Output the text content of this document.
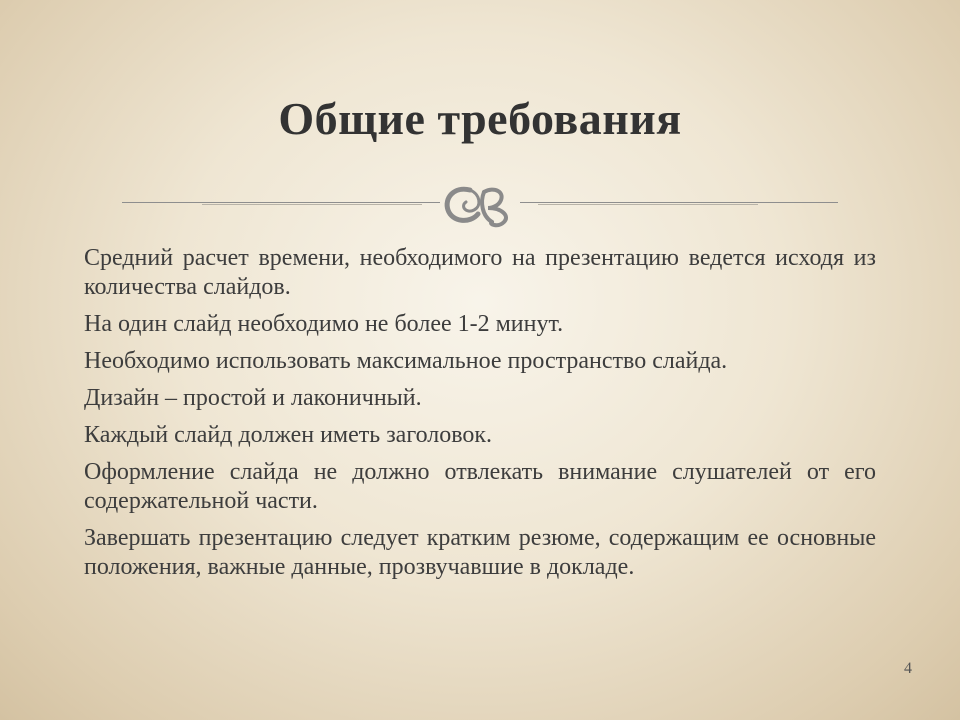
Общие требования

Средний расчет времени, необходимого на презентацию ведется исходя из количества слайдов.

На один слайд необходимо не более 1-2 минут.

Необходимо использовать максимальное пространство слайда.

Дизайн – простой и лаконичный.

Каждый слайд должен иметь заголовок.

Оформление слайда не должно отвлекать внимание слушателей от его содержательной части.

Завершать презентацию следует кратким резюме, содержащим ее основные положения, важные данные, прозвучавшие в докладе.

4
